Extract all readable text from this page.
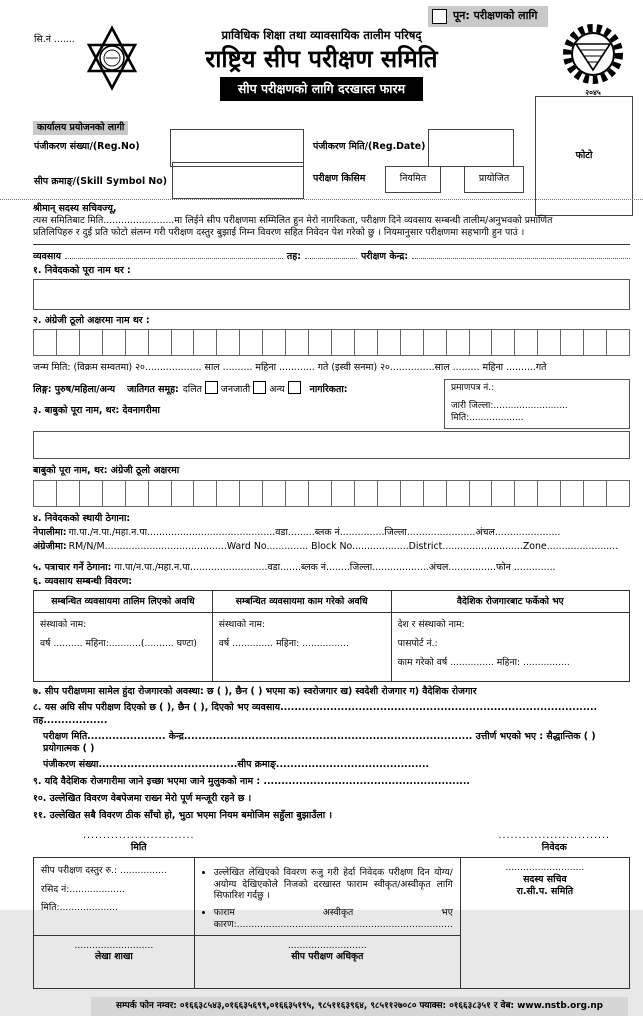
पून: परीक्षणको लागि
सि.नं .......	प्राविधिक शिक्षा तथा व्यावसायिक तालीम परिषद्
राष्ट्रिय सीप परीक्षण समिति
सीप परीक्षणको लागि दरखास्त फारम	२०४५
कार्यालय प्रयोजनको लागी
पंजीकरण संख्या/(Reg.No)	पंजीकरण मिति/(Reg.Date)
फोटो
सीप क्रमाङ्/(Skill Symbol No)	परीक्षण किसिम	नियमित	प्रायोजित
श्रीमान् सदस्य सचिवज्यू,
त्यस समितिबाट मिति........................मा लिईने सीप परीक्षणमा सम्मिलित हुन मेरो नागरिकता, परीक्षण दिने व्यवसाय सम्बन्धी तालीम/अनुभवको प्रमाणित
प्रतिलिपिहरु र दुई प्रति फोटो संलग्न गरी परीक्षण दस्तुर बुझाई निम्न विवरण सहित निवेदन पेश गरेको छु । नियमानुसार परीक्षणमा सहभागी हुन पाउं ।
व्यवसाय	तह:	परीक्षण केन्द्र:
१. निवेदकको पूरा नाम थर :
२. अंग्रेजी ठूलो अक्षरमा नाम थर :
जन्म मिति: (विक्रम सम्वतमा) २०................... साल .......... महिना ............ गते (इस्वी सनमा) २०...............साल ......... महिना ..........गते
लिङ्ग: पुरुष/महिला/अन्य जातिगत समूह: दलित जनजाती अन्य	नागरिकता:
३. बाबुको पूरा नाम, थर: देवनागरीमा
प्रमाणपत्र नं.:
जारी जिल्ला:.......................... मिति:...................
बाबुको पूरा नाम, थर: अंग्रेजी ठूलो अक्षरमा
४. निवेदकको स्थायी ठेगाना:
नेपालीमा: गा.पा./न.पा./महा.न.पा...........................................वडा.........ब्लक नं...............जिल्ला.......................अंचल......................
अंग्रेजीमा: RM/N/M.........................................Ward No.............. Block No...................District...........................Zone........................
५. पत्राचार गर्ने ठेगाना: गा.पा/न.पा./महा.न.पा..........................वडा.......ब्लक नं........जिल्ला...................अंचल................फोन ..............
६. व्यवसाय सम्बन्धी विवरण:
सम्बन्धित व्यवसायमा तालिम लिएको अवधि	सम्बन्धित व्यवसायमा काम गरेको अवधि	वैदेशिक रोजगारबाट फर्केको भए

संस्थाको नाम:
वर्ष .......... महिना:...........(.......... घण्टा)

संस्थाको नाम:
वर्ष .............. महिना: ................

देश र संस्थाको नाम:
पासपोर्ट नं.:
काम गरेको वर्ष ............... महिना: ................
७. सीप परीक्षणमा सामेल हुंदा रोजगारको अवस्था: छ ( ), छैन ( ) भएमा क) स्वरोजगार ख) स्वदेशी रोजगार ग) वैदेशिक रोजगार
८. यस अघि सीप परीक्षण दिएको छ ( ), छैन ( ), दिएको भए व्यवसाय......................................................................................... तह..................
परीक्षण मिति...................... केन्द्र................................................................................. उत्तीर्ण भएको भए : सैद्धान्तिक ( ) प्रयोगात्मक ( )
पंजीकरण संख्या.......................................सीप क्रमाङ्...........................................
९. यदि वैदेशिक रोजगारीमा जाने इच्छा भएमा जाने मुलुकको नाम : ..........................................................
१०. उल्लेखित विवरण वेबपेजमा राख्न मेरो पूर्ण मन्जूरी रहने छ ।
११. उल्लेखित सबै विवरण ठीक साँचो हो, भुठा भएमा नियम बमोजिम सहुँला बुझाउँला ।
............................
मिति
............................
निवेदक
सीप परीक्षण दस्तुर रु.: ................
रसिद नं:...................
मिति:....................

• उल्लेखित लेखिएको विवरण रुजु गरी हेर्दा निवेदक परीक्षण दिन योग्य/अयोग्य देखिएकोले निजको दरखास्त फाराम स्वीकृत/अस्वीकृत लागि सिफारिश गर्दछु ।
• फाराम अस्वीकृत भए कारण:..........................................................................

...........................
सदस्य सचिव
रा.सी.प. समिति

...........................
लेखा शाखा

...........................
सीप परीक्षण अधिकृत
सम्पर्क फोन नम्वर: ०१६६३८५४३,०१६६३५६९९,०१६६३५१९५, ९८५११६३९६४, ९८५११२७०८० फ्याक्स: ०१६६३८३५१ र वेब: www.nstb.org.np
